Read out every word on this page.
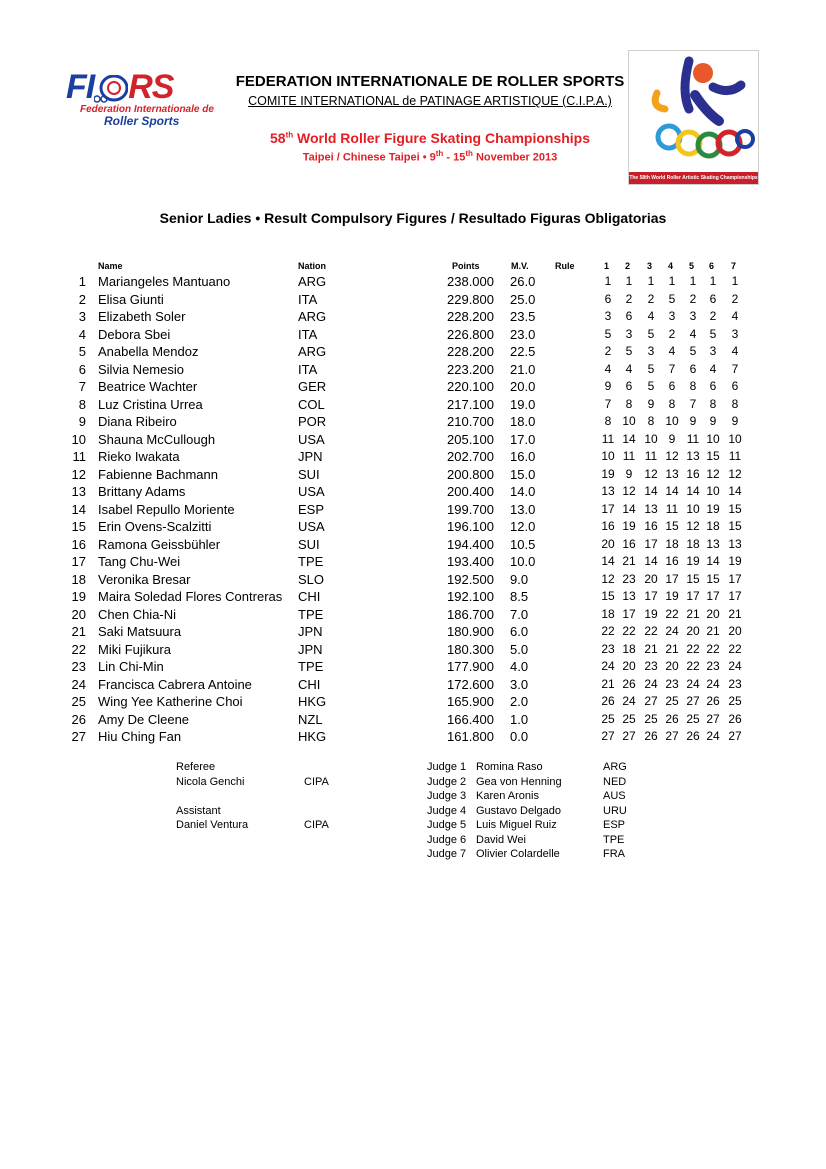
FI RS
Federation Internationale de
Roller Sports
FEDERATION INTERNATIONALE DE ROLLER SPORTS
COMITE INTERNATIONAL de PATINAGE ARTISTIQUE (C.I.P.A.)
58th World Roller Figure Skating Championships
Taipei / Chinese Taipei • 9th - 15th November 2013
The 58th World Roller Artistic Skating Championships
Senior Ladies • Result Compulsory Figures / Resultado Figuras Obligatorias
Name	Nation	Points	M.V.	Rule	1 2 3 4 5 6 7
1 Mariangeles Mantuano	ARG	238.000 26.0	1	1	1	1	1	1	1
2 Elisa Giunti	ITA	229.800 25.0	6	2	2	5	2	6	2
3 Elizabeth Soler	ARG	228.200 23.5	3	6	4	3	3	2	4
4 Debora Sbei	ITA	226.800 23.0	5	3	5	2	4	5	3
5 Anabella Mendoz	ARG	228.200 22.5	2	5	3	4	5	3	4
6 Silvia Nemesio	ITA	223.200 21.0	4	4	5	7	6	4	7
7 Beatrice Wachter	GER	220.100 20.0	9	6	5	6	8	6	6
8 Luz Cristina Urrea	COL	217.100 19.0	7	8	9	8	7	8	8
9 Diana Ribeiro	POR	210.700 18.0	8 10 8 10 9	9	9
10 Shauna McCullough	USA	205.100 17.0	11 14 10 9 11 10 10
11 Rieko Iwakata	JPN	202.700 16.0	10 11 11 12 13 15 11
12 Fabienne Bachmann	SUI	200.800 15.0	19 9 12 13 16 12 12
13 Brittany Adams	USA	200.400 14.0	13 12 14 14 14 10 14
14 Isabel Repullo Moriente	ESP	199.700 13.0	17 14 13 11 10 19 15
15 Erin Ovens-Scalzitti	USA	196.100 12.0	16 19 16 15 12 18 15
16 Ramona Geissbühler	SUI	194.400 10.5	20 16 17 18 18 13 13
17 Tang Chu-Wei	TPE	193.400 10.0	14 21 14 16 19 14 19
18 Veronika Bresar	SLO	192.500 9.0	12 23 20 17 15 15 17
19 Maira Soledad Flores Contreras CHI	192.100 8.5	15 13 17 19 17 17 17
20 Chen Chia-Ni	TPE	186.700 7.0	18 17 19 22 21 20 21
21 Saki Matsuura	JPN	180.900 6.0	22 22 22 24 20 21 20
22 Miki Fujikura	JPN	180.300 5.0	23 18 21 21 22 22 22
23 Lin Chi-Min	TPE	177.900 4.0	24 20 23 20 22 23 24
24 Francisca Cabrera Antoine	CHI	172.600 3.0	21 26 24 23 24 24 23
25 Wing Yee Katherine Choi	HKG	165.900 2.0	26 24 27 25 27 26 25
26 Amy De Cleene	NZL	166.400 1.0	25 25 25 26 25 27 26
27 Hiu Ching Fan	HKG	161.800 0.0	27 27 26 27 26 24 27
Referee
Nicola Genchi	CIPA
Assistant
Daniel Ventura	CIPA
Judge 1 Romina Raso	ARG
Judge 2 Gea von Henning	NED
Judge 3 Karen Aronis	AUS
Judge 4 Gustavo Delgado	URU
Judge 5 Luis Miguel Ruiz	ESP
Judge 6 David Wei	TPE
Judge 7 Olivier Colardelle	FRA
